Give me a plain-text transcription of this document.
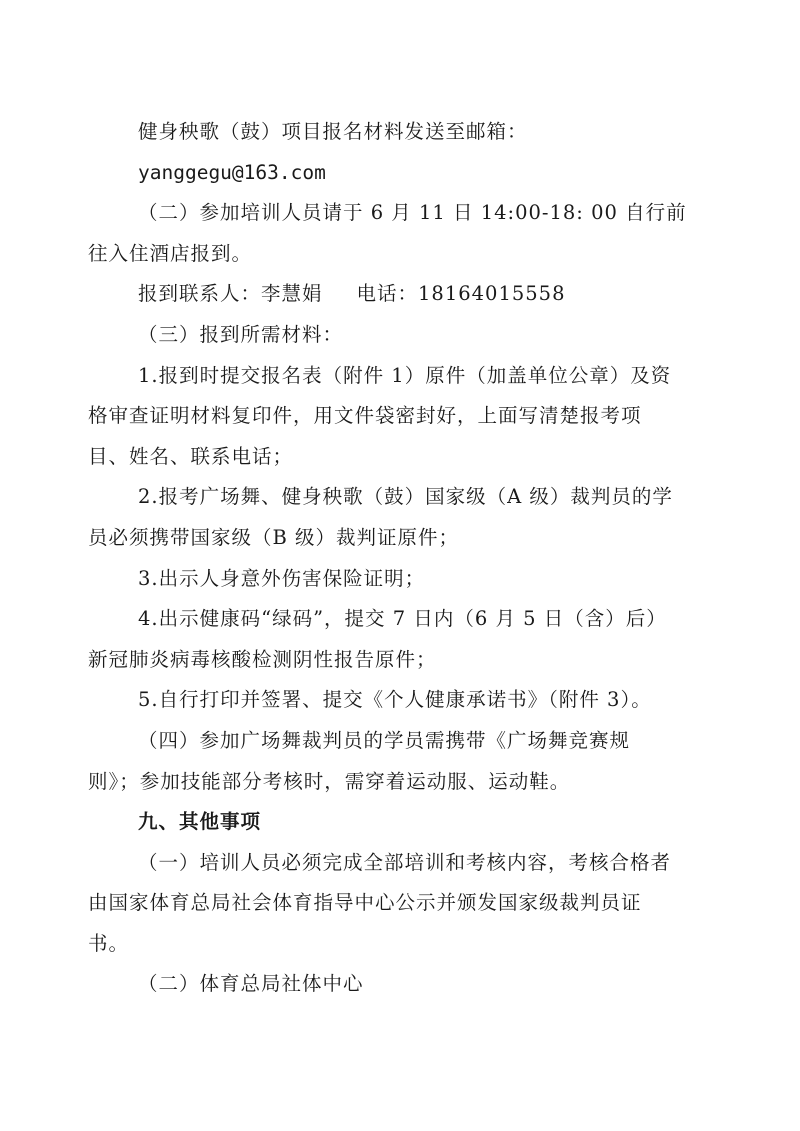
健身秧歌（鼓）项目报名材料发送至邮箱：
yanggegu@163.com
（二）参加培训人员请于 6 月 11 日 14:00-18: 00 自行前
往入住酒店报到。
报到联系人：李慧娟 电话：18164015558
（三）报到所需材料：
1.报到时提交报名表（附件 1）原件（加盖单位公章）及资
格审查证明材料复印件，用文件袋密封好，上面写清楚报考项
目、姓名、联系电话；
2.报考广场舞、健身秧歌（鼓）国家级（A 级）裁判员的学
员必须携带国家级（B 级）裁判证原件；
3.出示人身意外伤害保险证明；
4.出示健康码“绿码”，提交 7 日内（6 月 5 日（含）后）
新冠肺炎病毒核酸检测阴性报告原件；
5.自行打印并签署、提交《个人健康承诺书》（附件 3）。
（四）参加广场舞裁判员的学员需携带《广场舞竞赛规
则》；参加技能部分考核时，需穿着运动服、运动鞋。
九、其他事项
（一）培训人员必须完成全部培训和考核内容，考核合格者
由国家体育总局社会体育指导中心公示并颁发国家级裁判员证
书。
（二）体育总局社体中心
